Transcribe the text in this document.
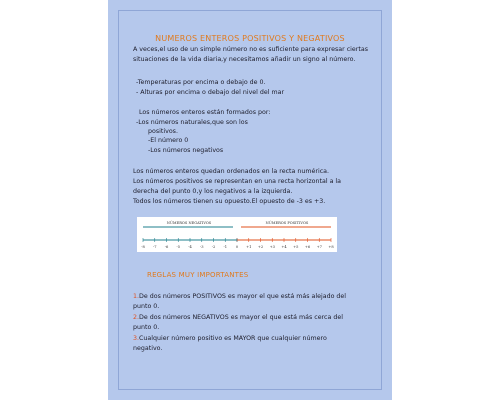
NUMEROS ENTEROS POSITIVOS Y NEGATIVOS
A veces,el uso de un simple número no es suficiente para expresar ciertas
situaciones de la vida diaria,y necesitamos añadir un signo al número.
-Temperaturas por encima o debajo de 0.
- Alturas por encima o debajo del nivel del mar
Los números enteros están formados por:
-Los números naturales,que son los
positivos.
-El número 0
-Los números negativos
Los números enteros quedan ordenados en la recta numérica.
Los números positivos se representan en una recta horizontal a la
derecha del punto 0,y los negativos a la izquierda.
Todos los números tienen su opuesto.El opuesto de -3 es +3.
NÚMEROS NEGATIVOS	NÚMEROS POSITIVOS
-8 -7 -6 -5 -4 -3 -2 -1 0 +1 +2 +3 +4 +5 +6 +7 +8
REGLAS MUY IMPORTANTES
1.De dos números POSITIVOS es mayor el que está más alejado del
punto 0.
2.De dos números NEGATIVOS es mayor el que está más cerca del
punto 0.
3.Cualquier número positivo es MAYOR que cualquier número
negativo.
